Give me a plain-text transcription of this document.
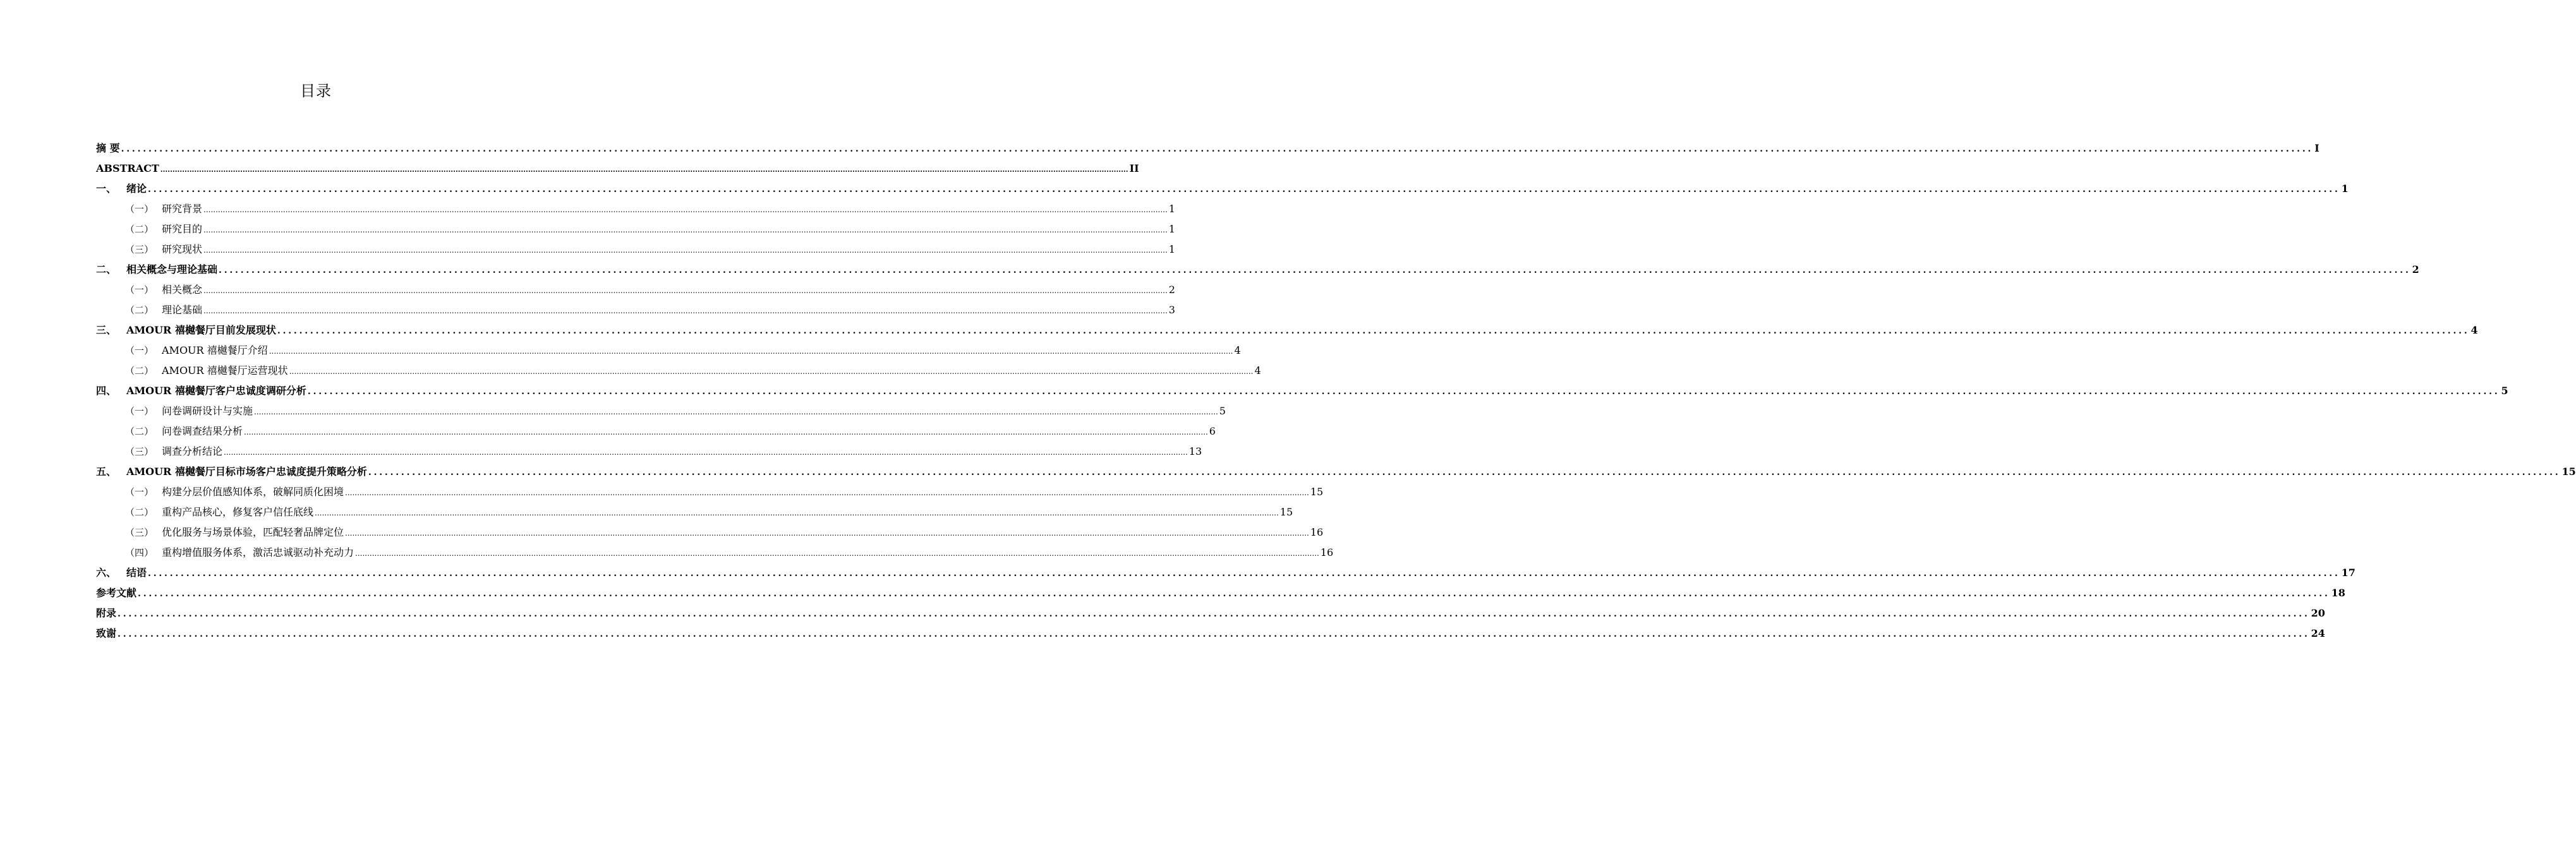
目录
摘 要 ................................................................................................................................................................................................................................................................................................................................................................................................................ I
ABSTRACT ................................................................................................................................................................................................................................................................................................................................................................................................................ II
一、 绪论 ................................................................................................................................................................................................................................................................................................................................................................................................................ 1
（一） 研究背景 ................................................................................................................................................................................................................................................................................................................................................................................................................ 1
（二） 研究目的 ................................................................................................................................................................................................................................................................................................................................................................................................................ 1
（三） 研究现状 ................................................................................................................................................................................................................................................................................................................................................................................................................ 1
二、 相关概念与理论基础 ................................................................................................................................................................................................................................................................................................................................................................................................................ 2
（一） 相关概念 ................................................................................................................................................................................................................................................................................................................................................................................................................ 2
（二） 理论基础 ................................................................................................................................................................................................................................................................................................................................................................................................................ 3
三、 AMOUR 禧樾餐厅目前发展现状 ................................................................................................................................................................................................................................................................................................................................................................................................................ 4
（一） AMOUR 禧樾餐厅介绍 ................................................................................................................................................................................................................................................................................................................................................................................................................ 4
（二） AMOUR 禧樾餐厅运营现状 ................................................................................................................................................................................................................................................................................................................................................................................................................ 4
四、 AMOUR 禧樾餐厅客户忠诚度调研分析 ................................................................................................................................................................................................................................................................................................................................................................................................................ 5
（一） 问卷调研设计与实施 ................................................................................................................................................................................................................................................................................................................................................................................................................ 5
（二） 问卷调查结果分析 ................................................................................................................................................................................................................................................................................................................................................................................................................ 6
（三） 调查分析结论 ................................................................................................................................................................................................................................................................................................................................................................................................................ 13
五、 AMOUR 禧樾餐厅目标市场客户忠诚度提升策略分析 ................................................................................................................................................................................................................................................................................................................................................................................................................ 15
（一） 构建分层价值感知体系，破解同质化困境 ................................................................................................................................................................................................................................................................................................................................................................................................................ 15
（二） 重构产品核心，修复客户信任底线 ................................................................................................................................................................................................................................................................................................................................................................................................................ 15
（三） 优化服务与场景体验，匹配轻奢品牌定位 ................................................................................................................................................................................................................................................................................................................................................................................................................ 16
（四） 重构增值服务体系，激活忠诚驱动补充动力 ................................................................................................................................................................................................................................................................................................................................................................................................................ 16
六、 结语 ................................................................................................................................................................................................................................................................................................................................................................................................................ 17
参考文献 ................................................................................................................................................................................................................................................................................................................................................................................................................ 18
附录 ................................................................................................................................................................................................................................................................................................................................................................................................................ 20
致谢 ................................................................................................................................................................................................................................................................................................................................................................................................................ 24
